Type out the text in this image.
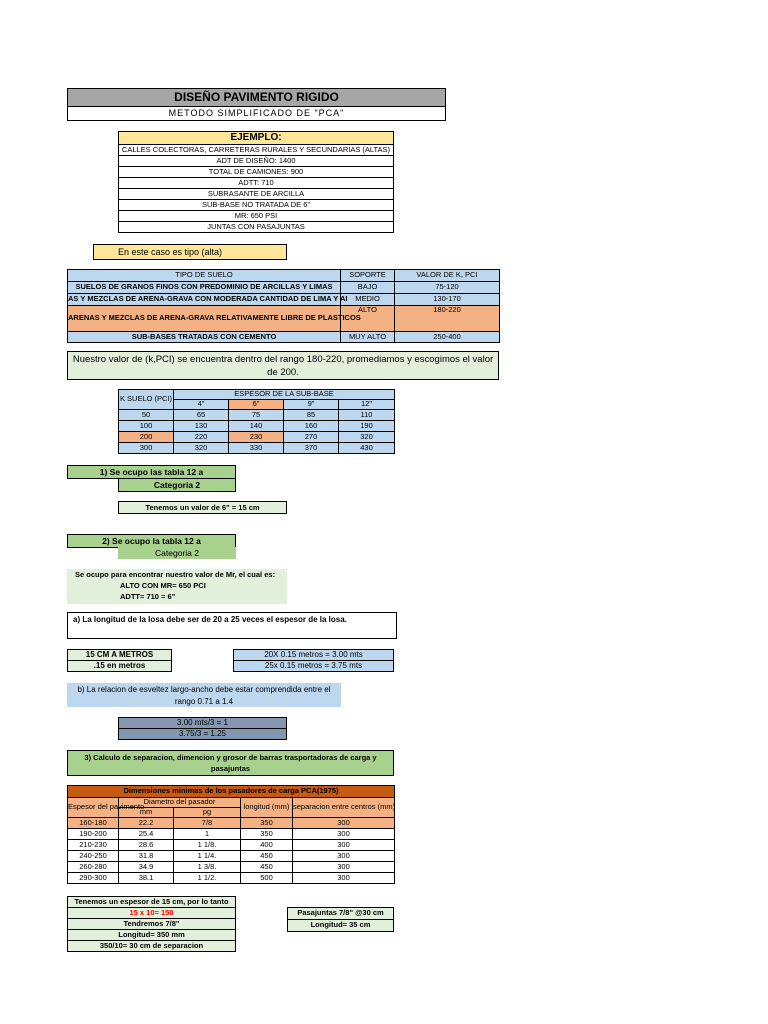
DISEÑO PAVIMENTO RIGIDO
METODO SIMPLIFICADO DE "PCA"
EJEMPLO:
CALLES COLECTORAS, CARRETERAS RURALES Y SECUNDARIAS (ALTAS)
ADT DE DISEÑO: 1400
TOTAL DE CAMIONES: 900
ADTT: 710
SUBRASANTE DE ARCILLA
SUB-BASE NO TRATADA DE 6"
MR: 650 PSI
JUNTAS CON PASAJUNTAS
En este caso es tipo (alta)
TIPO DE SUELO	SOPORTE	VALOR DE K, PCI
SUELOS DE GRANOS FINOS CON PREDOMINIO DE ARCILLAS Y LIMAS	BAJO	75-120
AS Y MEZCLAS DE ARENA-GRAVA CON MODERADA CANTIDAD DE LIMA Y AI	MEDIO	130-170
ARENAS Y MEZCLAS DE ARENA-GRAVA RELATIVAMENTE LIBRE DE PLASTICOS	ALTO	180-220
SUB-BASES TRATADAS CON CEMENTO	MUY ALTO	250-400
Nuestro valor de (k,PCI) se encuentra dentro del rango 180-220, promediamos y escogimos el valor de 200.
K SUELO (PCI)	ESPESOR DE LA SUB-BASE			
	4"	6"	9"	12"
50	65	75	85	110
100	130	140	160	190
200	220	230	270	320
300	320	330	370	430
1) Se ocupo las tabla 12 a
Categoria 2
Tenemos un valor de 6" = 15 cm
2) Se ocupo la tabla 12 a
Categoria 2
Se ocupo para encontrar nuestro valor de Mr, el cual es:
ALTO CON MR= 650 PCI
ADTT= 710 = 6"
a) La longitud de la losa debe ser de 20 a 25 veces el espesor de la losa.
15 CM A METROS
.15 en metros
20X 0.15 metros = 3.00 mts
25x 0.15 metros = 3.75 mts
b) La relacion de esveltez largo-ancho debe estar comprendida entre el rango 0.71 a 1.4
3.00 mts/3 = 1
3.75/3 = 1.25
3) Calculo de separacion, dimencion y grosor de barras trasportadoras de carga y pasajuntas
Dimensiones minimas de los pasadores de carga PCA(1975)				
Espesor del pavimento	Diametro del pasador		longitud (mm)	separacion entre centros (mm)
	mm	pg		
160-180	22.2	7/8	350	300
190-200	25.4	1	350	300
210-230	28.6	1 1/8.	400	300
240-250	31.8	1 1/4.	450	300
260-280	34.9	1 3/8.	450	300
290-300	38.1	1 1/2.	500	300
Tenemos un espesor de 15 cm, por lo tanto
15 x 10= 150
Tendremos 7/8"
Longitud= 350 mm
350/10= 30 cm de separacion
Pasajuntas 7/8" @30 cm
Longitud= 35 cm
